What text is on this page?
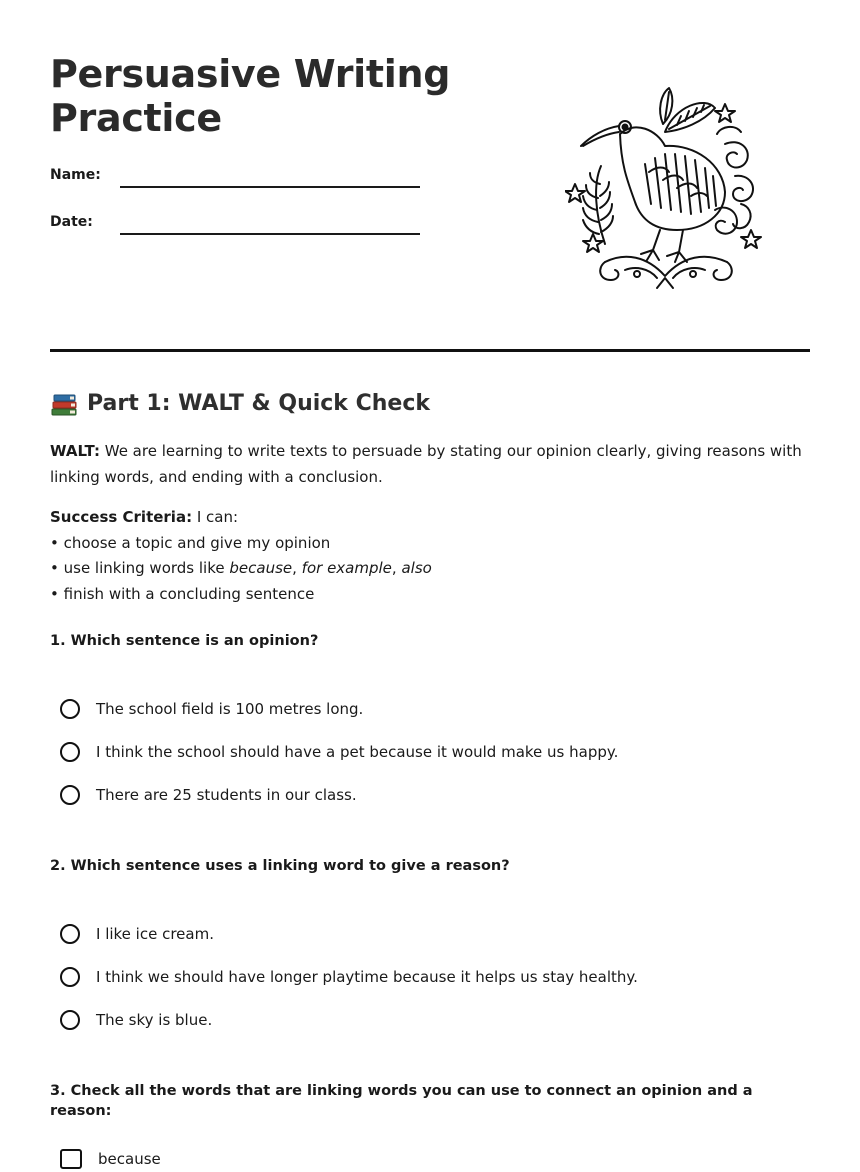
Persuasive Writing
Practice
Name:
Date:
Part 1: WALT & Quick Check

WALT: We are learning to write texts to persuade by stating our opinion clearly, giving reasons with linking words, and ending with a conclusion.

Success Criteria: I can:
• choose a topic and give my opinion
• use linking words like because, for example, also
• finish with a concluding sentence

1. Which sentence is an opinion?

The school field is 100 metres long.
I think the school should have a pet because it would make us happy.
There are 25 students in our class.

2. Which sentence uses a linking word to give a reason?

I like ice cream.
I think we should have longer playtime because it helps us stay healthy.
The sky is blue.

3. Check all the words that are linking words you can use to connect an opinion and a reason:

because
